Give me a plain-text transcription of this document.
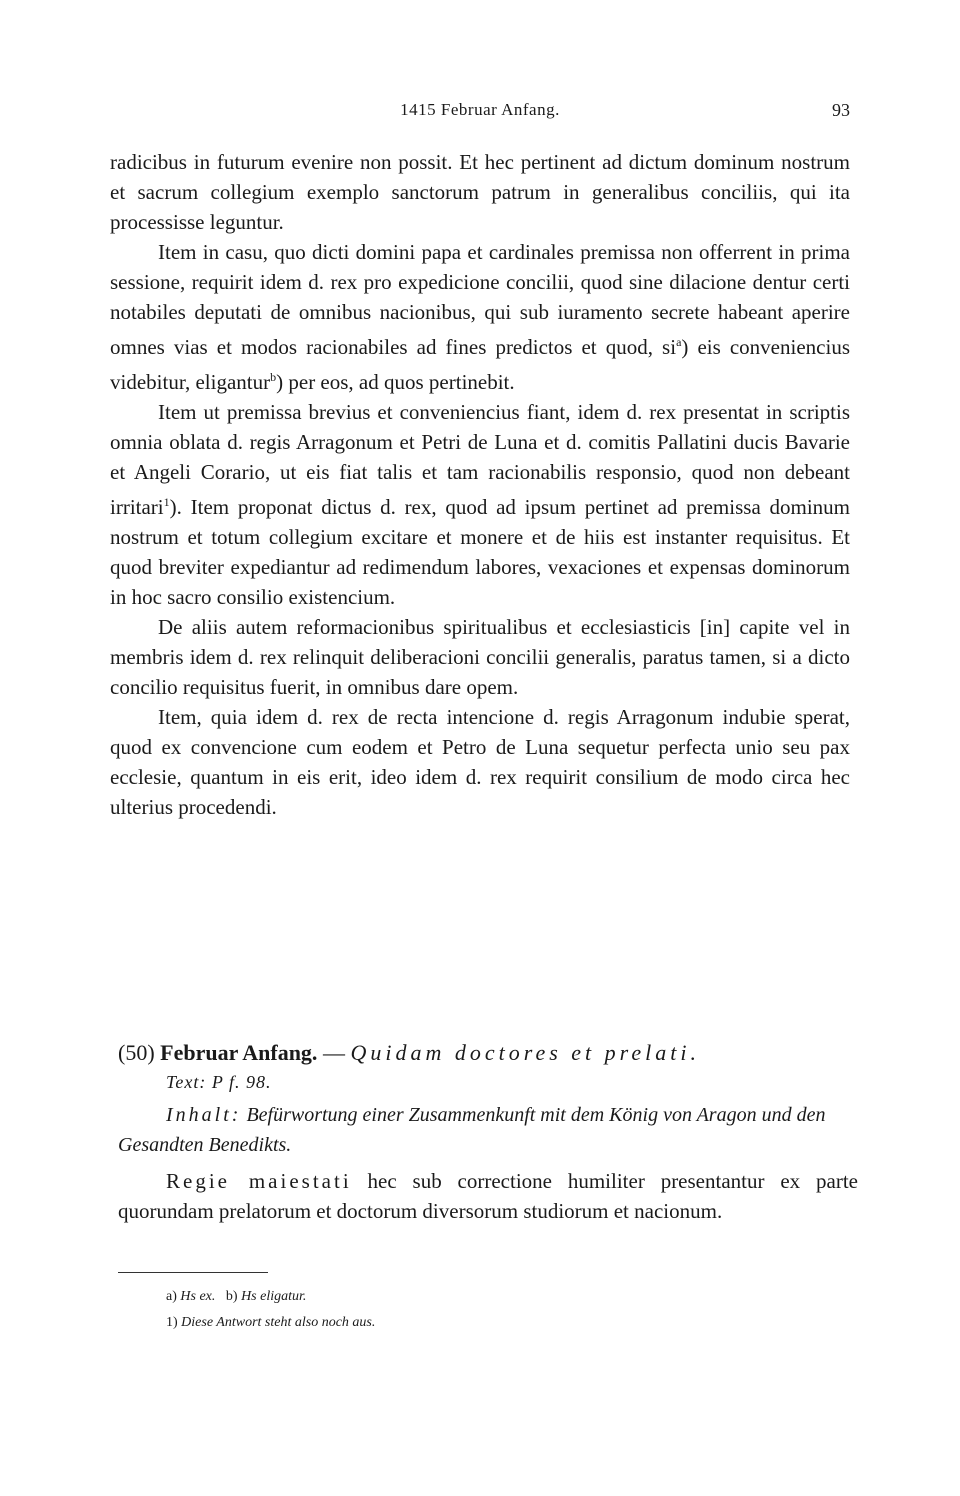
1415 Februar Anfang.	93

radicibus in futurum evenire non possit. Et hec pertinent ad dictum dominum nostrum et sacrum collegium exemplo sanctorum patrum in generalibus conciliis, qui ita processisse leguntur.

Item in casu, quo dicti domini papa et cardinales premissa non offerrent in prima sessione, requirit idem d. rex pro expedicione concilii, quod sine dilacione dentur certi notabiles deputati de omnibus nacionibus, qui sub iuramento secrete habeant aperire omnes vias et modos racionabiles ad fines predictos et quod, $si^a$) eis conveniencius videbitur, eligantur$^b$) per eos, ad quos pertinebit.

Item ut premissa brevius et conveniencius fiant, idem d. rex presentat in scriptis omnia oblata d. regis Arragonum et Petri de Luna et d. comitis Pallatini ducis Bavarie et Angeli Corario, ut eis fiat talis et tam racionabilis responsio, quod non debeant irritari$^1$). Item proponat dictus d. rex, quod ad ipsum pertinet ad premissa dominum nostrum et totum collegium excitare et monere et de hiis est instanter requisitus. Et quod breviter expediantur ad redimendum labores, vexaciones et expensas dominorum in hoc sacro consilio existencium.

De aliis autem reformacionibus spiritualibus et ecclesiasticis [in] capite vel in membris idem d. rex relinquit deliberacioni concilii generalis, paratus tamen, si a dicto concilio requisitus fuerit, in omnibus dare opem.

Item, quia idem d. rex de recta intencione d. regis Arragonum indubie sperat, quod ex convencione cum eodem et Petro de Luna sequetur perfecta unio seu pax ecclesie, quantum in eis erit, ideo idem d. rex requirit consilium de modo circa hec ulterius procedendi.

(50) Februar Anfang. — Quidam doctores et prelati.
Text: P f. 98.
Inhalt: Befürwortung einer Zusammenkunft mit dem König von Aragon und den Gesandten Benedikts.
Regie maiestati hec sub correctione humiliter presentantur ex parte quorundam prelatorum et doctorum diversorum studiorum et nacionum.
a) Hs ex. b) Hs eligatur.
1) Diese Antwort steht also noch aus.
